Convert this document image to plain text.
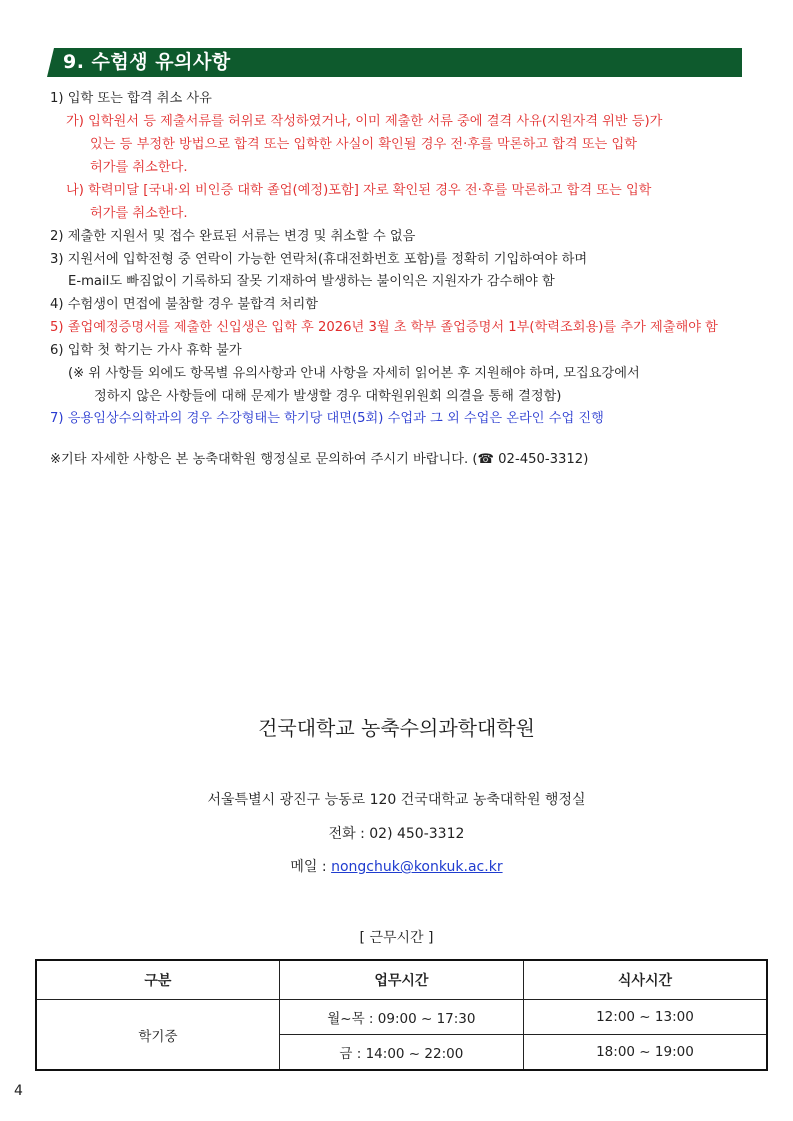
9. 수험생 유의사항
1) 입학 또는 합격 취소 사유
가) 입학원서 등 제출서류를 허위로 작성하였거나, 이미 제출한 서류 중에 결격 사유(지원자격 위반 등)가
있는 등 부정한 방법으로 합격 또는 입학한 사실이 확인될 경우 전·후를 막론하고 합격 또는 입학
허가를 취소한다.
나) 학력미달 [국내·외 비인증 대학 졸업(예정)포함] 자로 확인된 경우 전·후를 막론하고 합격 또는 입학
허가를 취소한다.
2) 제출한 지원서 및 접수 완료된 서류는 변경 및 취소할 수 없음
3) 지원서에 입학전형 중 연락이 가능한 연락처(휴대전화번호 포함)를 정확히 기입하여야 하며
E-mail도 빠짐없이 기록하되 잘못 기재하여 발생하는 불이익은 지원자가 감수해야 함
4) 수험생이 면접에 불참할 경우 불합격 처리함
5) 졸업예정증명서를 제출한 신입생은 입학 후 2026년 3월 초 학부 졸업증명서 1부(학력조회용)를 추가 제출해야 함
6) 입학 첫 학기는 가사 휴학 불가
(※ 위 사항들 외에도 항목별 유의사항과 안내 사항을 자세히 읽어본 후 지원해야 하며, 모집요강에서
정하지 않은 사항들에 대해 문제가 발생할 경우 대학원위원회 의결을 통해 결정함)
7) 응용임상수의학과의 경우 수강형태는 학기당 대면(5회) 수업과 그 외 수업은 온라인 수업 진행
※기타 자세한 사항은 본 농축대학원 행정실로 문의하여 주시기 바랍니다. (☎ 02-450-3312)
건국대학교 농축수의과학대학원
서울특별시 광진구 능동로 120 건국대학교 농축대학원 행정실
전화 : 02) 450-3312
메일 : nongchuk@konkuk.ac.kr
[ 근무시간 ]
구분	업무시간	식사시간
학기중	월~목 : 09:00 ~ 17:30	12:00 ~ 13:00
	금 : 14:00 ~ 22:00	18:00 ~ 19:00
4
